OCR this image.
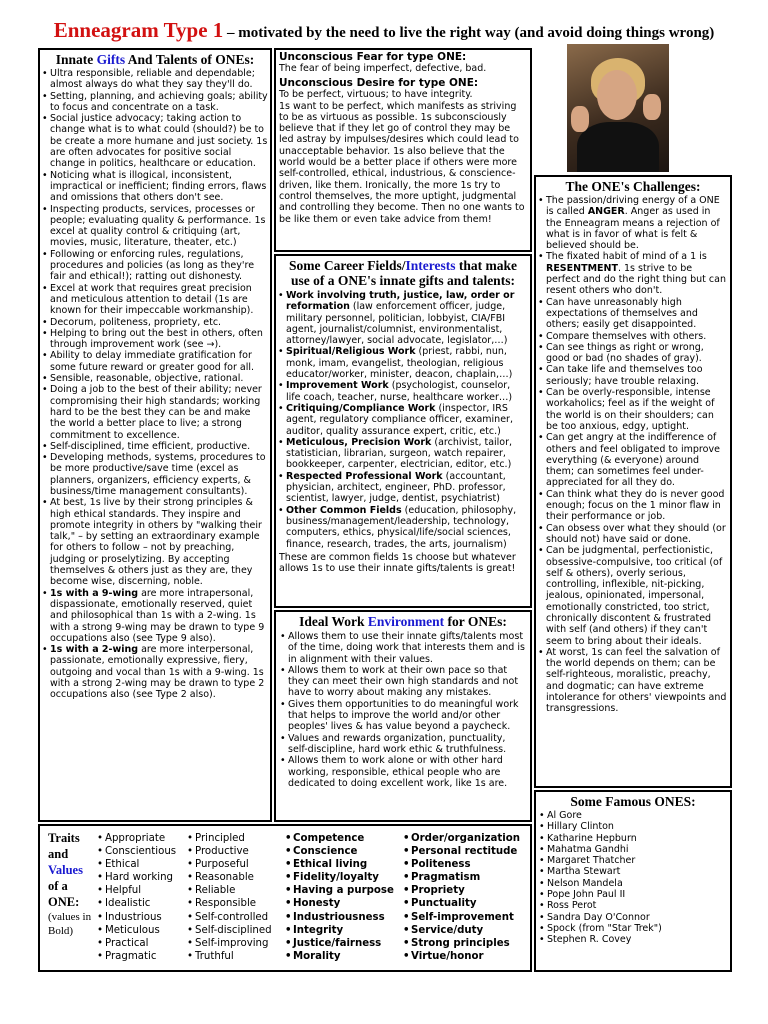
Enneagram Type 1 – motivated by the need to live the right way (and avoid doing things wrong)
Innate Gifts And Talents of ONEs:
• Ultra responsible, reliable and dependable; almost always do what they say they'll do.
• Setting, planning, and achieving goals; ability to focus and concentrate on a task.
• Social justice advocacy; taking action to change what is to what could (should?) be to be create a more humane and just society. 1s are often advocates for positive social change in politics, healthcare or education.
• Noticing what is illogical, inconsistent, impractical or inefficient; finding errors, flaws and omissions that others don't see.
• Inspecting products, services, processes or people; evaluating quality & performance. 1s excel at quality control & critiquing (art, movies, music, literature, theater, etc.)
• Following or enforcing rules, regulations, procedures and policies (as long as they're fair and ethical!); ratting out dishonesty.
• Excel at work that requires great precision and meticulous attention to detail (1s are known for their impeccable workmanship).
• Decorum, politeness, propriety, etc.
• Helping to bring out the best in others, often through improvement work (see →).
• Ability to delay immediate gratification for some future reward or greater good for all.
• Sensible, reasonable, objective, rational.
• Doing a job to the best of their ability; never compromising their high standards; working hard to be the best they can be and make the world a better place to live; a strong commitment to excellence.
• Self-disciplined, time efficient, productive.
• Developing methods, systems, procedures to be more productive/save time (excel as planners, organizers, efficiency experts, & business/time management consultants).
• At best, 1s live by their strong principles & high ethical standards. They inspire and promote integrity in others by "walking their talk," – by setting an extraordinary example for others to follow – not by preaching, judging or proselytizing. By accepting themselves & others just as they are, they become wise, discerning, noble.
• 1s with a 9-wing are more intrapersonal, dispassionate, emotionally reserved, quiet and philosophical than 1s with a 2-wing. 1s with a strong 9-wing may be drawn to type 9 occupations also (see Type 9 also).
• 1s with a 2-wing are more interpersonal, passionate, emotionally expressive, fiery, outgoing and vocal than 1s with a 9-wing. 1s with a strong 2-wing may be drawn to type 2 occupations also (see Type 2 also).
Unconscious Fear for type ONE:
The fear of being imperfect, defective, bad.
Unconscious Desire for type ONE:
To be perfect, virtuous; to have integrity.
1s want to be perfect, which manifests as striving to be as virtuous as possible. 1s subconsciously believe that if they let go of control they may be led astray by impulses/desires which could lead to unacceptable behavior. 1s also believe that the world would be a better place if others were more self-controlled, ethical, industrious, & conscience-driven, like them. Ironically, the more 1s try to control themselves, the more uptight, judgmental and controlling they become. Then no one wants to be like them or even take advice from them!
Some Career Fields/Interests that make
use of a ONE's innate gifts and talents:
• Work involving truth, justice, law, order or reformation (law enforcement officer, judge, military personnel, politician, lobbyist, CIA/FBI agent, journalist/columnist, environmentalist, attorney/lawyer, social advocate, legislator,…)
• Spiritual/Religious Work (priest, rabbi, nun, monk, imam, evangelist, theologian, religious educator/worker, minister, deacon, chaplain,…)
• Improvement Work (psychologist, counselor, life coach, teacher, nurse, healthcare worker…)
• Critiquing/Compliance Work (inspector, IRS agent, regulatory compliance officer, examiner, auditor, quality assurance expert, critic, etc.)
• Meticulous, Precision Work (archivist, tailor, statistician, librarian, surgeon, watch repairer, bookkeeper, carpenter, electrician, editor, etc.)
• Respected Professional Work (accountant, physician, architect, engineer, PhD. professor, scientist, lawyer, judge, dentist, psychiatrist)
• Other Common Fields (education, philosophy, business/management/leadership, technology, computers, ethics, physical/life/social sciences, finance, research, trades, the arts, journalism)
These are common fields 1s choose but whatever allows 1s to use their innate gifts/talents is great!
Ideal Work Environment for ONEs:
• Allows them to use their innate gifts/talents most of the time, doing work that interests them and is in alignment with their values.
• Allows them to work at their own pace so that they can meet their own high standards and not have to worry about making any mistakes.
• Gives them opportunities to do meaningful work that helps to improve the world and/or other peoples' lives & has value beyond a paycheck.
• Values and rewards organization, punctuality, self-discipline, hard work ethic & truthfulness.
• Allows them to work alone or with other hard working, responsible, ethical people who are dedicated to doing excellent work, like 1s are.
The ONE's Challenges:
• The passion/driving energy of a ONE is called ANGER. Anger as used in the Enneagram means a rejection of what is in favor of what is felt & believed should be.
• The fixated habit of mind of a 1 is RESENTMENT. 1s strive to be perfect and do the right thing but can resent others who don't.
• Can have unreasonably high expectations of themselves and others; easily get disappointed.
• Compare themselves with others.
• Can see things as right or wrong, good or bad (no shades of gray).
• Can take life and themselves too seriously; have trouble relaxing.
• Can be overly-responsible, intense workaholics; feel as if the weight of the world is on their shoulders; can be too anxious, edgy, uptight.
• Can get angry at the indifference of others and feel obligated to improve everything (& everyone) around them; can sometimes feel under-appreciated for all they do.
• Can think what they do is never good enough; focus on the 1 minor flaw in their performance or job.
• Can obsess over what they should (or should not) have said or done.
• Can be judgmental, perfectionistic, obsessive-compulsive, too critical (of self & others), overly serious, controlling, inflexible, nit-picking, jealous, opinionated, impersonal, emotionally constricted, too strict, chronically discontent & frustrated with self (and others) if they can't seem to bring about their ideals.
• At worst, 1s can feel the salvation of the world depends on them; can be self-righteous, moralistic, preachy, and dogmatic; can have extreme intolerance for others' viewpoints and transgressions.
Some Famous ONES:
• Al Gore
• Hillary Clinton
• Katharine Hepburn
• Mahatma Gandhi
• Margaret Thatcher
• Martha Stewart
• Nelson Mandela
• Pope John Paul II
• Ross Perot
• Sandra Day O'Connor
• Spock (from "Star Trek")
• Stephen R. Covey
Traits
and
Values
of a
ONE:
(values in Bold)
• Appropriate
• Conscientious
• Ethical
• Hard working
• Helpful
• Idealistic
• Industrious
• Meticulous
• Practical
• Pragmatic
• Principled
• Productive
• Purposeful
• Reasonable
• Reliable
• Responsible
• Self-controlled
• Self-disciplined
• Self-improving
• Truthful
• Competence
• Conscience
• Ethical living
• Fidelity/loyalty
• Having a purpose
• Honesty
• Industriousness
• Integrity
• Justice/fairness
• Morality
• Order/organization
• Personal rectitude
• Politeness
• Pragmatism
• Propriety
• Punctuality
• Self-improvement
• Service/duty
• Strong principles
• Virtue/honor
